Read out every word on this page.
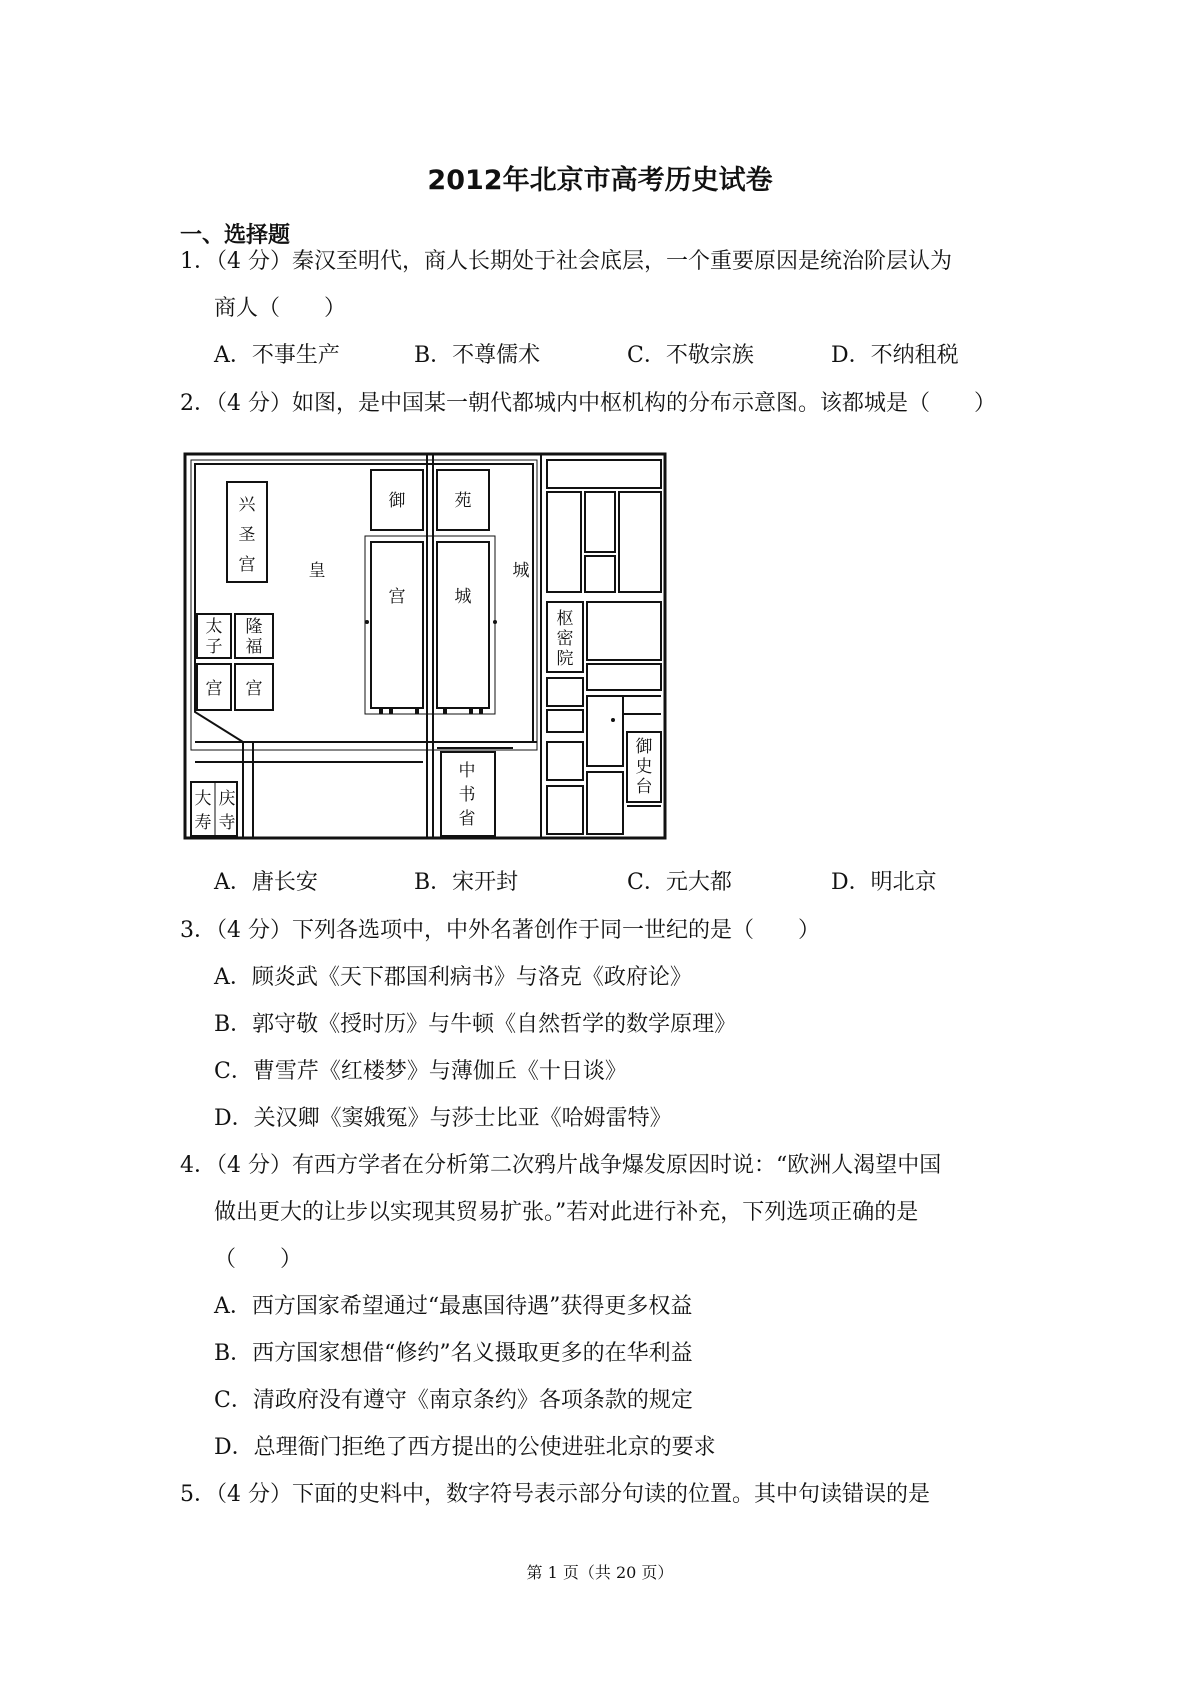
2012年北京市高考历史试卷
一、选择题
1．（4 分）秦汉至明代，商人长期处于社会底层，一个重要原因是统治阶层认为
商人（　　）
A．不事生产	B．不尊儒术	C．不敬宗族	D．不纳租税
2．（4 分）如图，是中国某一朝代都城内中枢机构的分布示意图。该都城是（　　）
兴
圣
宫
御	苑
皇
宫	城
城
太
子
隆
福
宫 宫
枢
密
院
御
史
台
中
书
省
大 庆
寿 寺
A．唐长安	B．宋开封	C．元大都	D．明北京
3．（4 分）下列各选项中，中外名著创作于同一世纪的是（　　）
A．顾炎武《天下郡国利病书》与洛克《政府论》
B．郭守敬《授时历》与牛顿《自然哲学的数学原理》
C．曹雪芹《红楼梦》与薄伽丘《十日谈》
D．关汉卿《窦娥冤》与莎士比亚《哈姆雷特》
4．（4 分）有西方学者在分析第二次鸦片战争爆发原因时说：“欧洲人渴望中国
做出更大的让步以实现其贸易扩张。”若对此进行补充，下列选项正确的是
（　　）
A．西方国家希望通过“最惠国待遇”获得更多权益
B．西方国家想借“修约”名义摄取更多的在华利益
C．清政府没有遵守《南京条约》各项条款的规定
D．总理衙门拒绝了西方提出的公使进驻北京的要求
5．（4 分）下面的史料中，数字符号表示部分句读的位置。其中句读错误的是
第 1 页（共 20 页）
